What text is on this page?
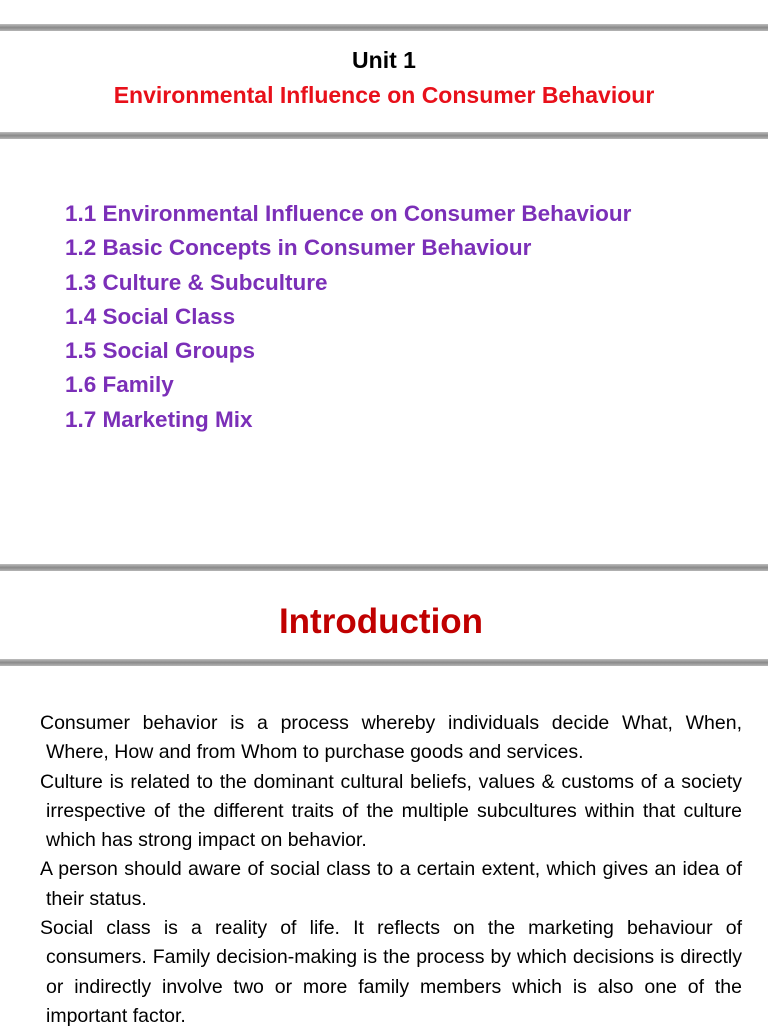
Unit 1
Environmental Influence on Consumer Behaviour
1.1 Environmental Influence on Consumer Behaviour
1.2 Basic Concepts in Consumer Behaviour
1.3 Culture & Subculture
1.4 Social Class
1.5 Social Groups
1.6 Family
1.7 Marketing Mix
Introduction

Consumer behavior is a process whereby individuals decide What, When, Where, How and from Whom to purchase goods and services.

Culture is related to the dominant cultural beliefs, values & customs of a society irrespective of the different traits of the multiple subcultures within that culture which has strong impact on behavior.

A person should aware of social class to a certain extent, which gives an idea of their status.

Social class is a reality of life. It reflects on the marketing behaviour of consumers. Family decision-making is the process by which decisions is directly or indirectly involve two or more family members which is also one of the important factor.
